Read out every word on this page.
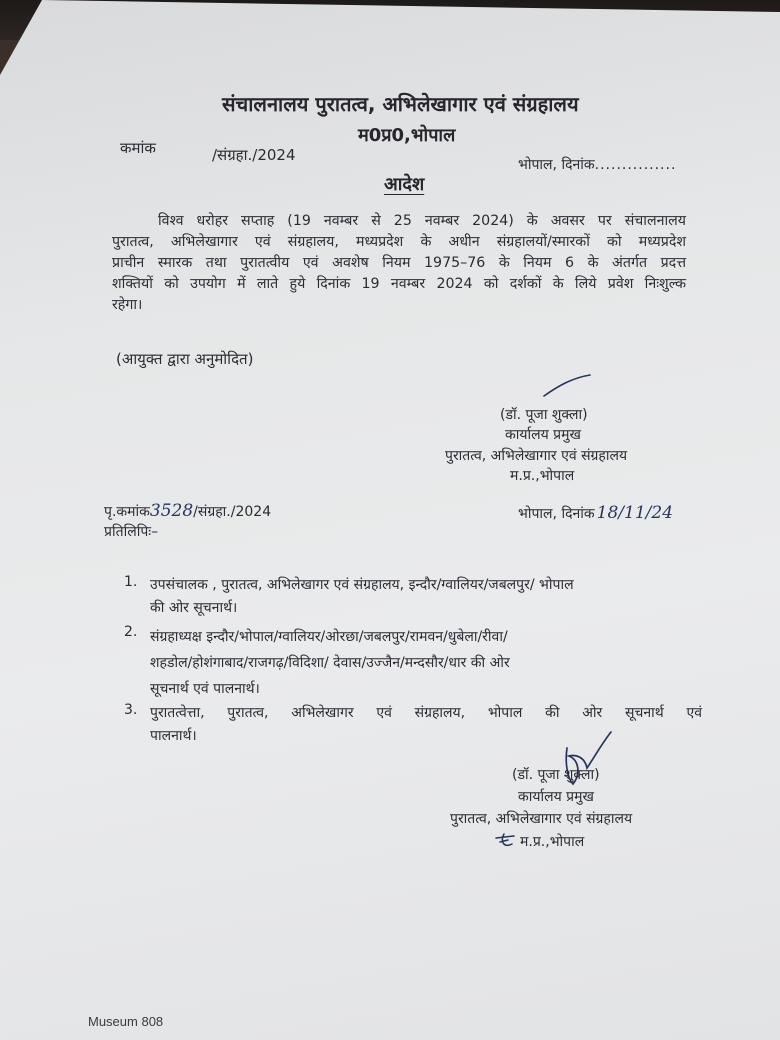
संचालनालय पुरातत्व, अभिलेखागार एवं संग्रहालय
म0प्र0,भोपाल
कमांक	/संग्रहा./2024
भोपाल, दिनांक...............
आदेश
विश्व धरोहर सप्ताह (19 नवम्बर से 25 नवम्बर 2024) के अवसर पर संचालनालय
पुरातत्व, अभिलेखागार एवं संग्रहालय, मध्यप्रदेश के अधीन संग्रहालयों/स्मारकों को मध्यप्रदेश
प्राचीन स्मारक तथा पुरातत्वीय एवं अवशेष नियम 1975–76 के नियम 6 के अंतर्गत प्रदत्त
शक्तियों को उपयोग में लाते हुये दिनांक 19 नवम्बर 2024 को दर्शकों के लिये प्रवेश निःशुल्क
रहेगा।
(आयुक्त द्वारा अनुमोदित)
(डॉ. पूजा शुक्ला)
कार्यालय प्रमुख
पुरातत्व, अभिलेखागार एवं संग्रहालय
म.प्र.,भोपाल
पृ.कमांक3528/संग्रहा./2024	भोपाल, दिनांक 18/11/24
प्रतिलिपिः–
1. उपसंचालक , पुरातत्व, अभिलेखागर एवं संग्रहालय, इन्दौर/ग्वालियर/जबलपुर/ भोपाल
की ओर सूचनार्थ।
2. संग्रहाध्यक्ष इन्दौर/भोपाल/ग्वालियर/ओरछा/जबलपुर/रामवन/धुबेला/रीवा/
शहडोल/होशंगाबाद/राजगढ़/विदिशा/ देवास/उज्जैन/मन्दसौर/धार की ओर
सूचनार्थ एवं पालनार्थ।
3. पुरातत्वेत्ता, पुरातत्व, अभिलेखागर एवं संग्रहालय, भोपाल की ओर सूचनार्थ एवं
पालनार्थ।
(डॉ. पूजा शुक्ला)
कार्यालय प्रमुख
पुरातत्व, अभिलेखागार एवं संग्रहालय
म.प्र.,भोपाल
Museum 808
